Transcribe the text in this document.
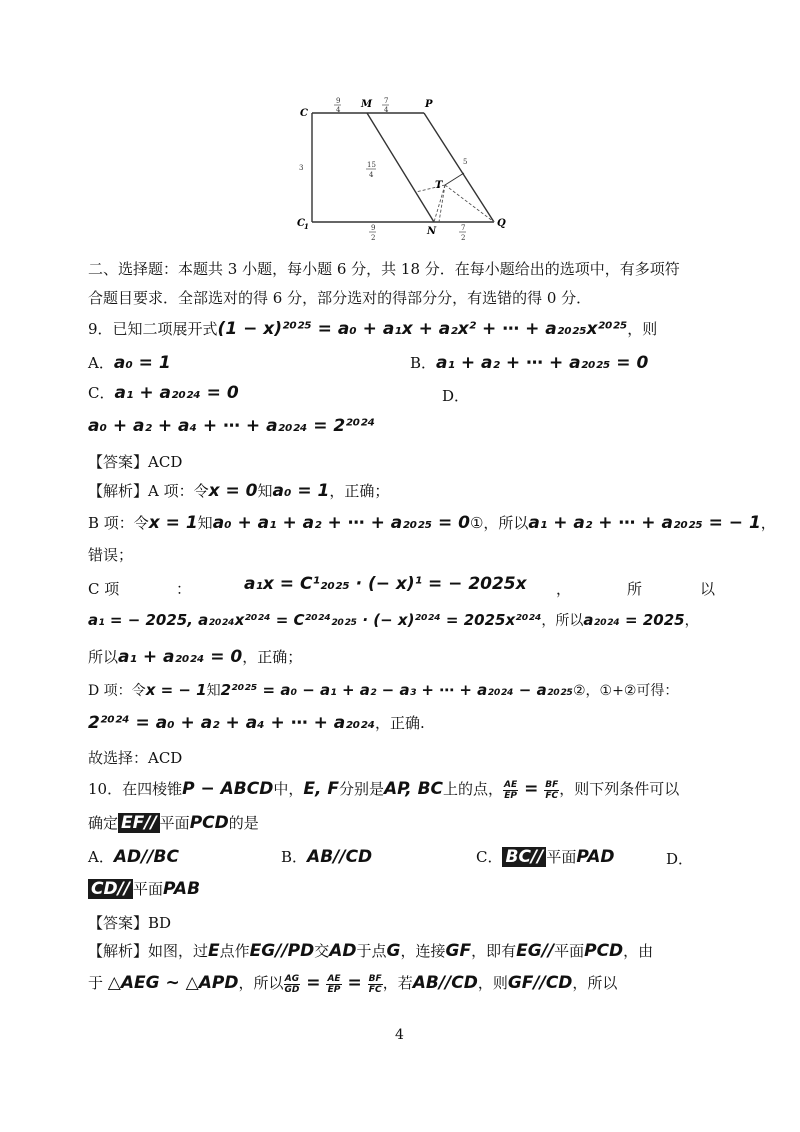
C
M	P
C 1	N
Q
T
9
4
7
4
3	15
4
5
9
2
7
2
二、选择题：本题共 3 小题，每小题 6 分，共 18 分．在每小题给出的选项中，有多项符
合题目要求．全部选对的得 6 分，部分选对的得部分分，有选错的得 0 分．
9．已知二项展开式(1 − x)²⁰²⁵ = a₀ + a₁x + a₂x² + ⋯ + a₂₀₂₅x²⁰²⁵，则
A．a₀ = 1	B．a₁ + a₂ + ⋯ + a₂₀₂₅ = 0
C．a₁ + a₂₀₂₄ = 0	D．
a₀ + a₂ + a₄ + ⋯ + a₂₀₂₄ = 2²⁰²⁴
【答案】ACD
【解析】A 项：令x = 0知a₀ = 1，正确；
B 项：令x = 1知a₀ + a₁ + a₂ + ⋯ + a₂₀₂₅ = 0①，所以a₁ + a₂ + ⋯ + a₂₀₂₅ = − 1，
错误；
C 项	：	a₁x = C¹₂₀₂₅ · (− x)¹ = − 2025x ，	所	以
a₁ = − 2025, a₂₀₂₄x²⁰²⁴ = C²⁰²⁴₂₀₂₅ · (− x)²⁰²⁴ = 2025x²⁰²⁴，所以a₂₀₂₄ = 2025，
所以a₁ + a₂₀₂₄ = 0，正确；
D 项：令x = − 1知2²⁰²⁵ = a₀ − a₁ + a₂ − a₃ + ⋯ + a₂₀₂₄ − a₂₀₂₅②，①+②可得：
2²⁰²⁴ = a₀ + a₂ + a₄ + ⋯ + a₂₀₂₄，正确.
故选择：ACD
10．在四棱锥P − ABCD中，E, F分别是AP, BC上的点， $\frac{AE}{EP} = \frac{BF}{FC}$ ，则下列条件可以
确定 EF// 平面PCD的是
A．AD//BC	B．AB//CD	C． BC// 平面PAD	D．
CD// 平面PAB
【答案】BD
【解析】如图，过E点作EG//PD交AD于点G，连接GF，即有EG//平面PCD，由
于 △AEG ∼ △APD，所以 $\frac{AG}{GD} = \frac{AE}{EP} = \frac{BF}{FC}$ ，若AB//CD，则GF//CD，所以
4
